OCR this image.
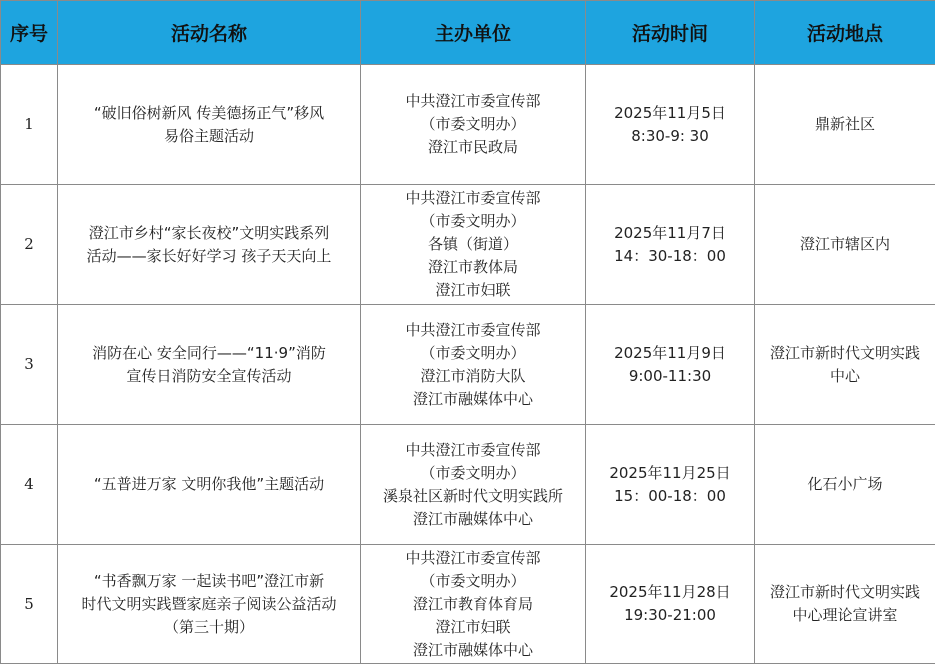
序号	活动名称	主办单位	活动时间	活动地点
1	“破旧俗树新风 传美德扬正气”移风
易俗主题活动	中共澄江市委宣传部
（市委文明办）
澄江市民政局	2025年11月5日
8:30-9: 30	鼎新社区

2	澄江市乡村“家长夜校”文明实践系列
活动——家长好好学习 孩子天天向上	中共澄江市委宣传部
（市委文明办）
各镇（街道）
澄江市教体局
澄江市妇联	2025年11月7日
14：30-18：00	澄江市辖区内

3	消防在心 安全同行——“11·9”消防
宣传日消防安全宣传活动	中共澄江市委宣传部
（市委文明办）
澄江市消防大队
澄江市融媒体中心	2025年11月9日
9:00-11:30	澄江市新时代文明实践
中心

4	“五普进万家 文明你我他”主题活动	中共澄江市委宣传部
（市委文明办）
溪泉社区新时代文明实践所
澄江市融媒体中心	2025年11月25日
15：00-18：00	化石小广场

5	“书香飘万家 一起读书吧”澄江市新
时代文明实践暨家庭亲子阅读公益活动
（第三十期）	中共澄江市委宣传部
（市委文明办）
澄江市教育体育局
澄江市妇联
澄江市融媒体中心	2025年11月28日
19:30-21:00	澄江市新时代文明实践
中心理论宣讲室
